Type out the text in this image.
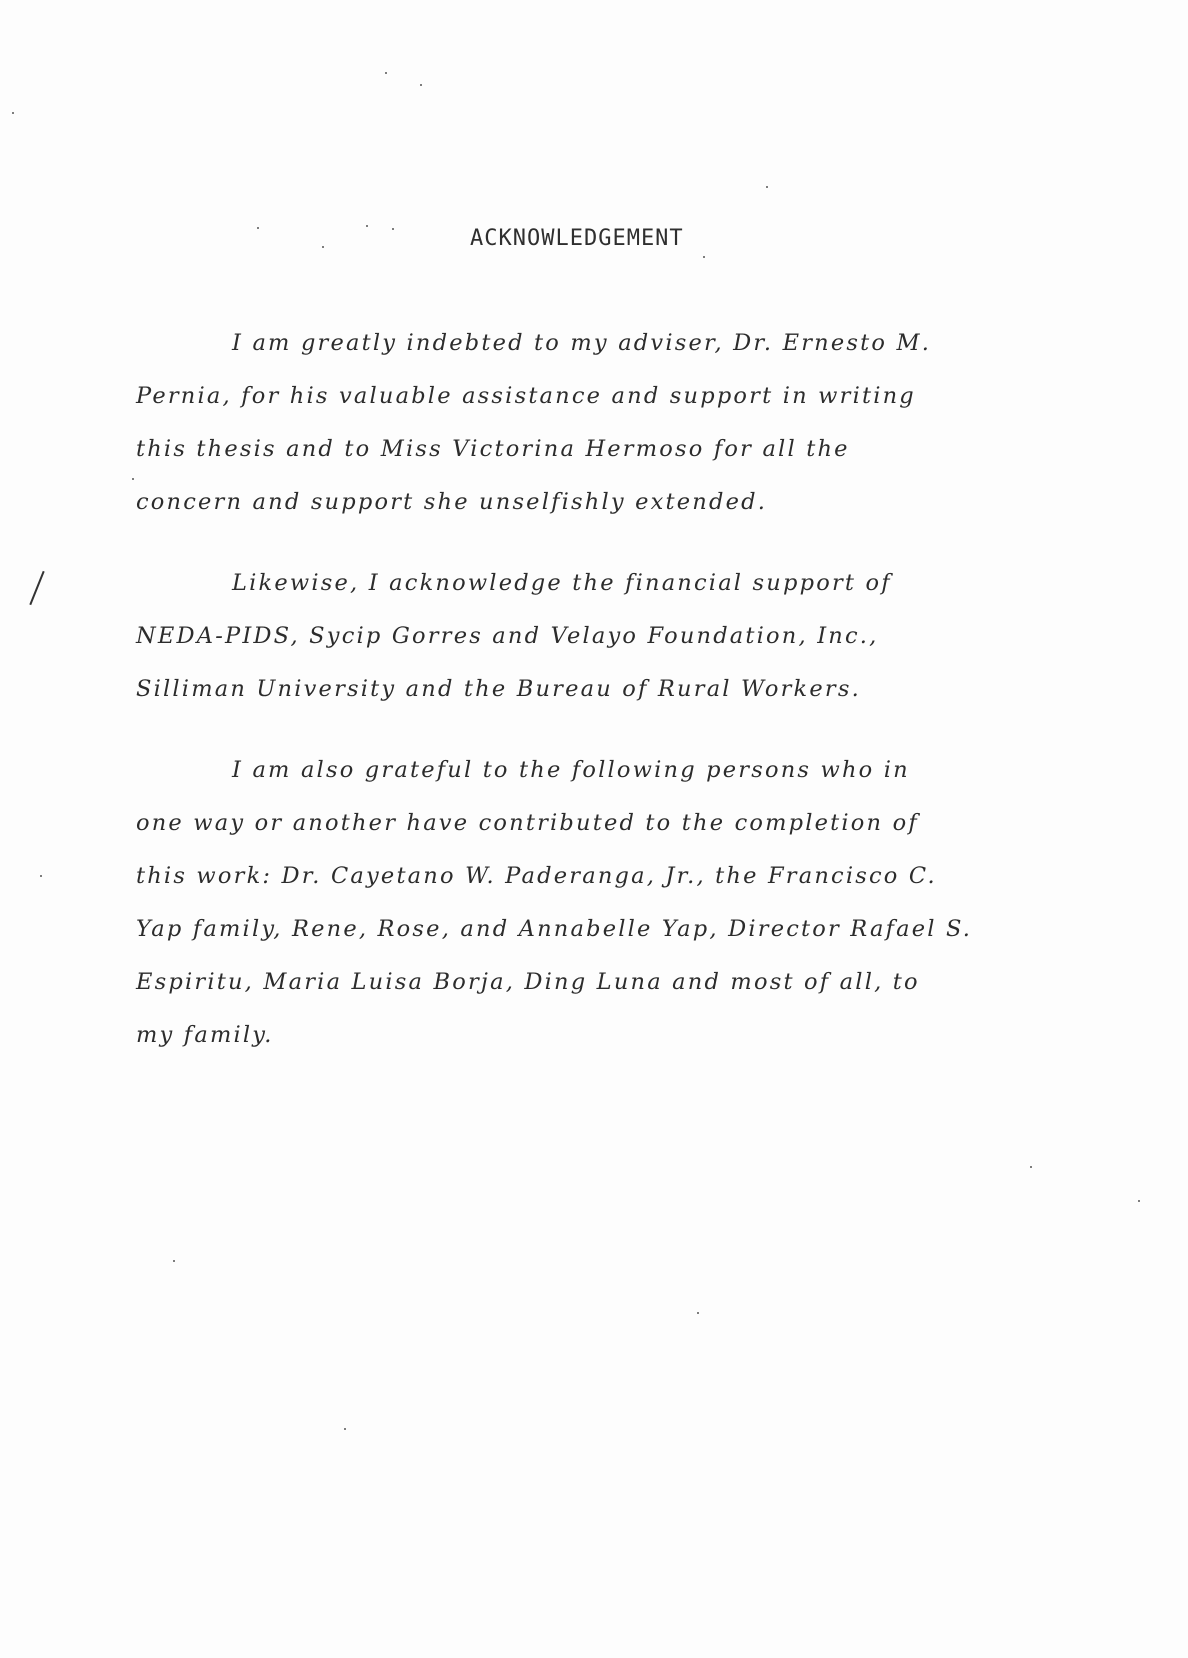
ACKNOWLEDGEMENT
I am greatly indebted to my adviser, Dr. Ernesto M.
Pernia, for his valuable assistance and support in writing
this thesis and to Miss Victorina Hermoso for all the
concern and support she unselfishly extended.
Likewise, I acknowledge the financial support of
NEDA-PIDS, Sycip Gorres and Velayo Foundation, Inc.,
Silliman University and the Bureau of Rural Workers.
I am also grateful to the following persons who in
one way or another have contributed to the completion of
this work: Dr. Cayetano W. Paderanga, Jr., the Francisco C.
Yap family, Rene, Rose, and Annabelle Yap, Director Rafael S.
Espiritu, Maria Luisa Borja, Ding Luna and most of all, to
my family.
